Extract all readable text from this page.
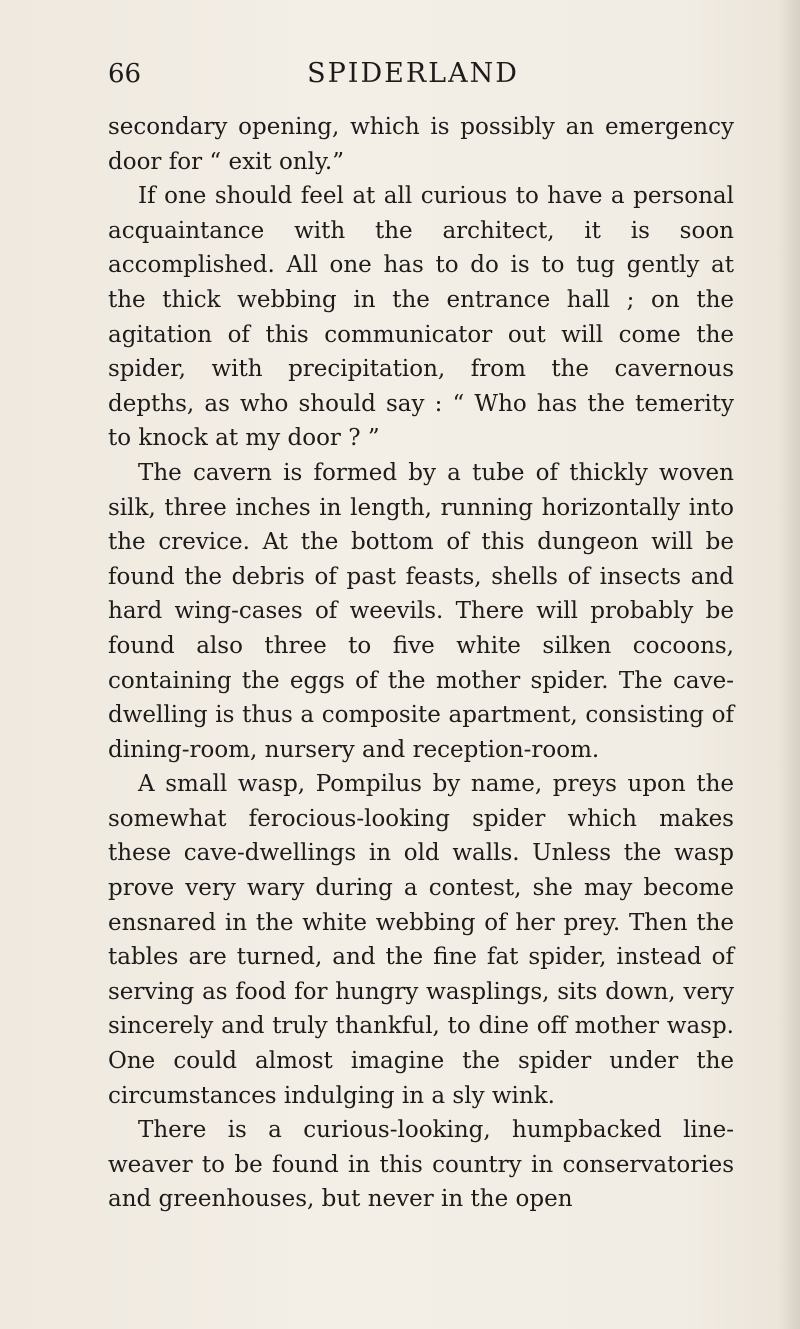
66	SPIDERLAND

secondary opening, which is possibly an emergency door for “ exit only.”

If one should feel at all curious to have a personal acquaintance with the architect, it is soon accomplished. All one has to do is to tug gently at the thick webbing in the entrance hall ; on the agitation of this communicator out will come the spider, with precipitation, from the cavernous depths, as who should say : “ Who has the temerity to knock at my door ? ”

The cavern is formed by a tube of thickly woven silk, three inches in length, running horizontally into the crevice. At the bottom of this dungeon will be found the debris of past feasts, shells of insects and hard wing-cases of weevils. There will probably be found also three to five white silken cocoons, containing the eggs of the mother spider. The cave-dwelling is thus a composite apartment, consisting of dining-room, nursery and reception-room.

A small wasp, Pompilus by name, preys upon the somewhat ferocious-looking spider which makes these cave-dwellings in old walls. Unless the wasp prove very wary during a contest, she may become ensnared in the white webbing of her prey. Then the tables are turned, and the fine fat spider, instead of serving as food for hungry wasplings, sits down, very sincerely and truly thankful, to dine off mother wasp. One could almost imagine the spider under the circumstances indulging in a sly wink.

There is a curious-looking, humpbacked line-weaver to be found in this country in conservatories and greenhouses, but never in the open
